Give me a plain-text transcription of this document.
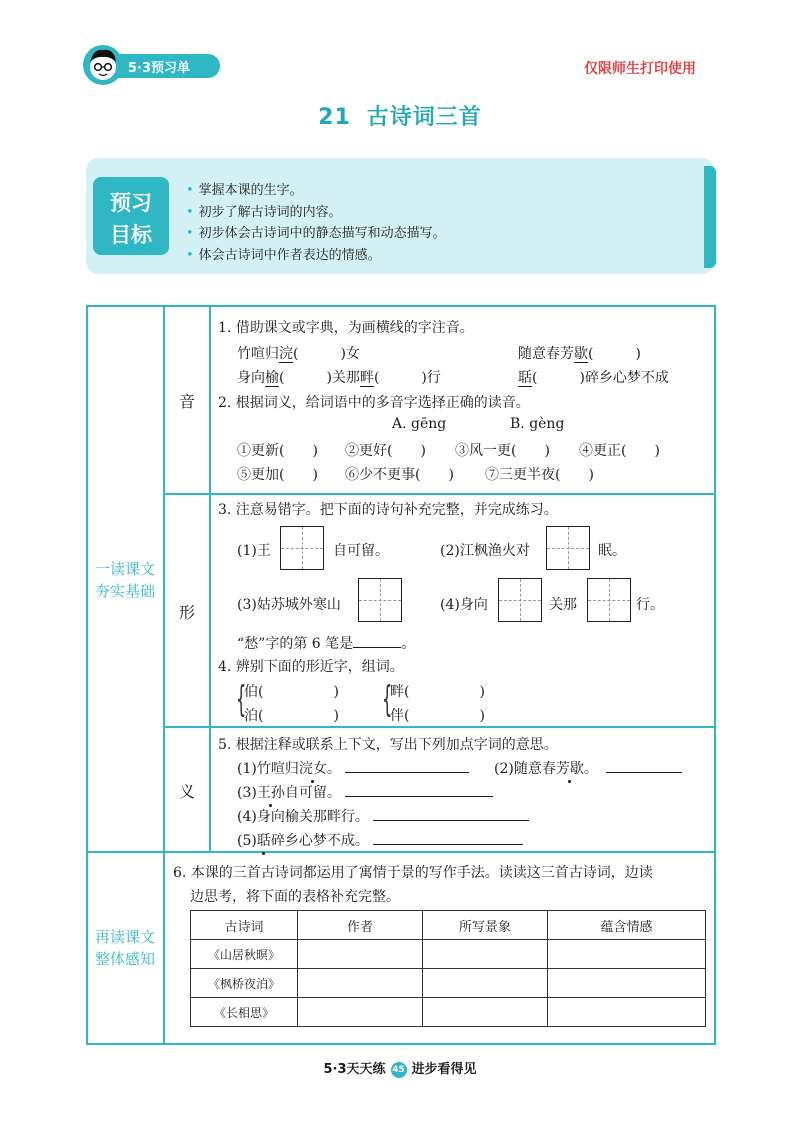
5·3预习单	仅限师生打印使用
21 古诗词三首
预习
目标
• 掌握本课的生字。
• 初步了解古诗词的内容。
• 初步体会古诗词中的静态描写和动态描写。
• 体会古诗词中作者表达的情感。
一读课文
夯实基础
再读课文
整体感知
音
形
义
1. 借助课文或字典，为画横线的字注音。
竹喧归浣(　　　)女	随意春芳歇(　　　)
身向榆(　　　)关那畔(　　　)行	聒(　　　)碎乡心梦不成
2. 根据词义，给词语中的多音字选择正确的读音。
A. gēng	B. gèng
①更新(　　) ②更好(　　) ③风一更(　　) ④更正(　　)
⑤更加(　　) ⑥少不更事(　　) ⑦三更半夜(　　)
3. 注意易错字。把下面的诗句补充完整，并完成练习。
(1)王	自可留。	(2)江枫渔火对	眠。
(3)姑苏城外寒山	(4)身向	关那	行。
“愁”字的第 6 笔是	。
4. 辨别下面的形近字，组词。
{
伯(　　　　　)
泊(　　　　　) {
畔(　　　　　)
伴(　　　　　)
5. 根据注释或联系上下文，写出下列加点字词的意思。
(1)竹喧归浣女。	(2)随意春芳歇。
(3)王孙自可留。
(4)身向榆关那畔行。
(5)聒碎乡心梦不成。
6. 本课的三首古诗词都运用了寓情于景的写作手法。读读这三首古诗词，边读
边思考，将下面的表格补充完整。
古诗词	作者	所写景象	蕴含情感
《山居秋暝》			
《枫桥夜泊》			
《长相思》			
5·3天天练 45 进步看得见
